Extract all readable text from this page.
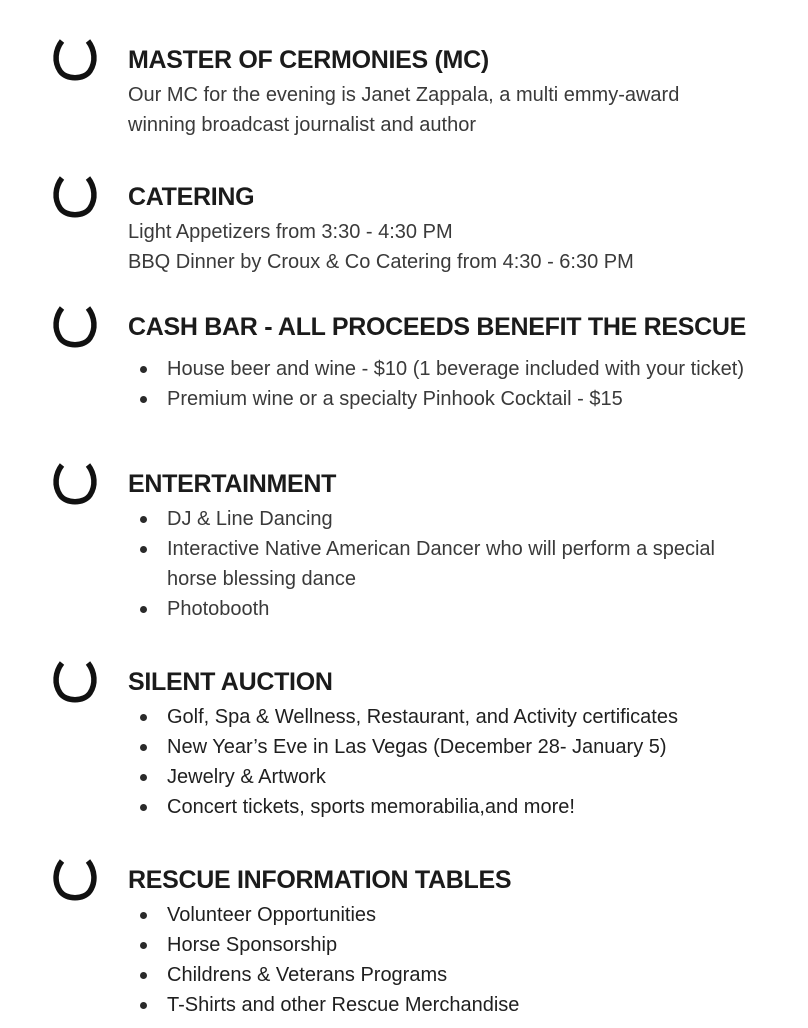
MASTER OF CERMONIES (MC)
Our MC for the evening is Janet Zappala, a multi emmy-award
winning broadcast journalist and author
CATERING
Light Appetizers from 3:30 - 4:30 PM
BBQ Dinner by Croux & Co Catering from 4:30 - 6:30 PM
CASH BAR - ALL PROCEEDS BENEFIT THE RESCUE
House beer and wine - $10 (1 beverage included with your ticket)
Premium wine or a specialty Pinhook Cocktail - $15
ENTERTAINMENT
DJ & Line Dancing
Interactive Native American Dancer who will perform a special
horse blessing dance
Photobooth
SILENT AUCTION
Golf, Spa & Wellness, Restaurant, and Activity certificates
New Year’s Eve in Las Vegas (December 28- January 5)
Jewelry & Artwork
Concert tickets, sports memorabilia,and more!
RESCUE INFORMATION TABLES
Volunteer Opportunities
Horse Sponsorship
Childrens & Veterans Programs
T-Shirts and other Rescue Merchandise
